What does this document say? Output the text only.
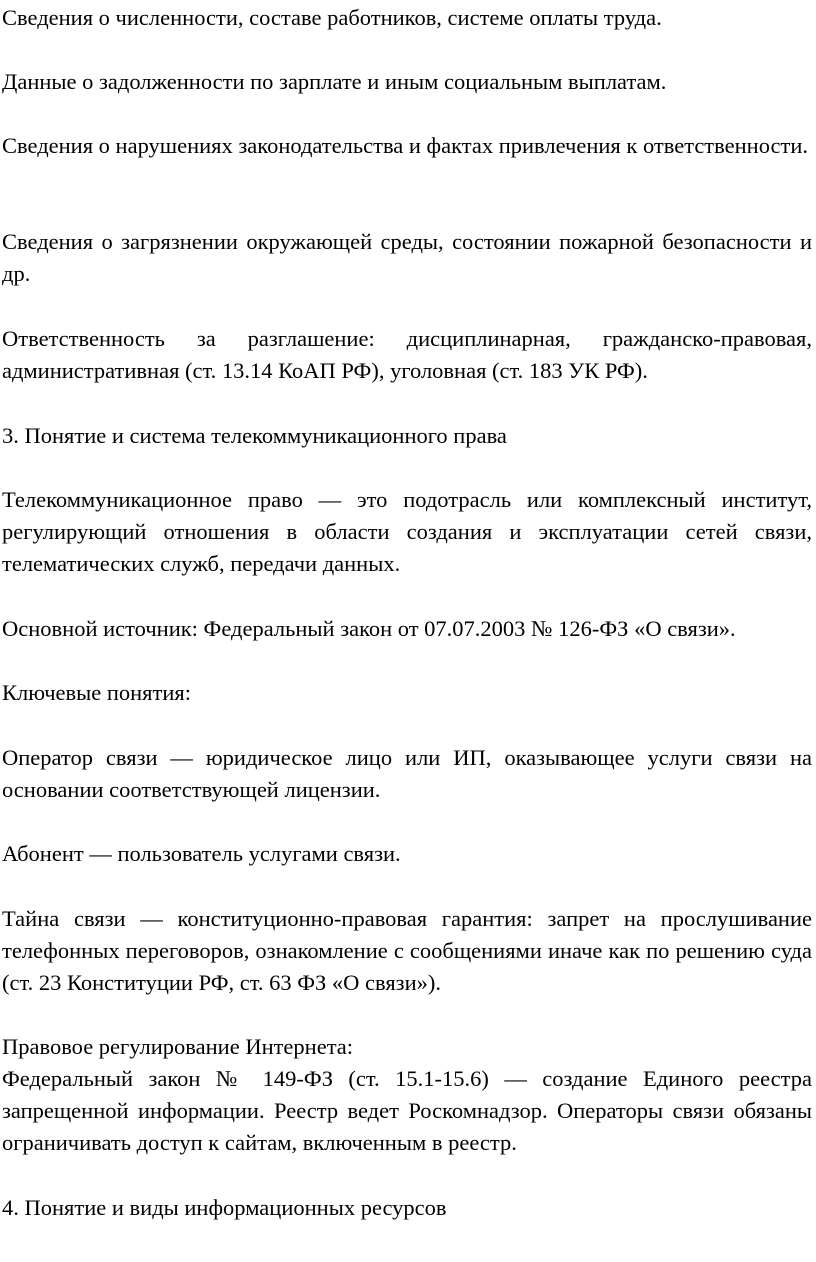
Сведения о численности, составе работников, системе оплаты труда.

Данные о задолженности по зарплате и иным социальным выплатам.

Сведения о нарушениях законодательства и фактах привлечения к ответственности.

Сведения о загрязнении окружающей среды, состоянии пожарной безопасности и др.

Ответственность за разглашение: дисциплинарная, гражданско-правовая, административная (ст. 13.14 КоАП РФ), уголовная (ст. 183 УК РФ).

3. Понятие и система телекоммуникационного права

Телекоммуникационное право — это подотрасль или комплексный институт, регулирующий отношения в области создания и эксплуатации сетей связи, телематических служб, передачи данных.

Основной источник: Федеральный закон от 07.07.2003 № 126-ФЗ «О связи».

Ключевые понятия:

Оператор связи — юридическое лицо или ИП, оказывающее услуги связи на основании соответствующей лицензии.

Абонент — пользователь услугами связи.

Тайна связи — конституционно-правовая гарантия: запрет на прослушивание телефонных переговоров, ознакомление с сообщениями иначе как по решению суда (ст. 23 Конституции РФ, ст. 63 ФЗ «О связи»).

Правовое регулирование Интернета:

Федеральный закон № 149-ФЗ (ст. 15.1-15.6) — создание Единого реестра запрещенной информации. Реестр ведет Роскомнадзор. Операторы связи обязаны ограничивать доступ к сайтам, включенным в реестр.

4. Понятие и виды информационных ресурсов
